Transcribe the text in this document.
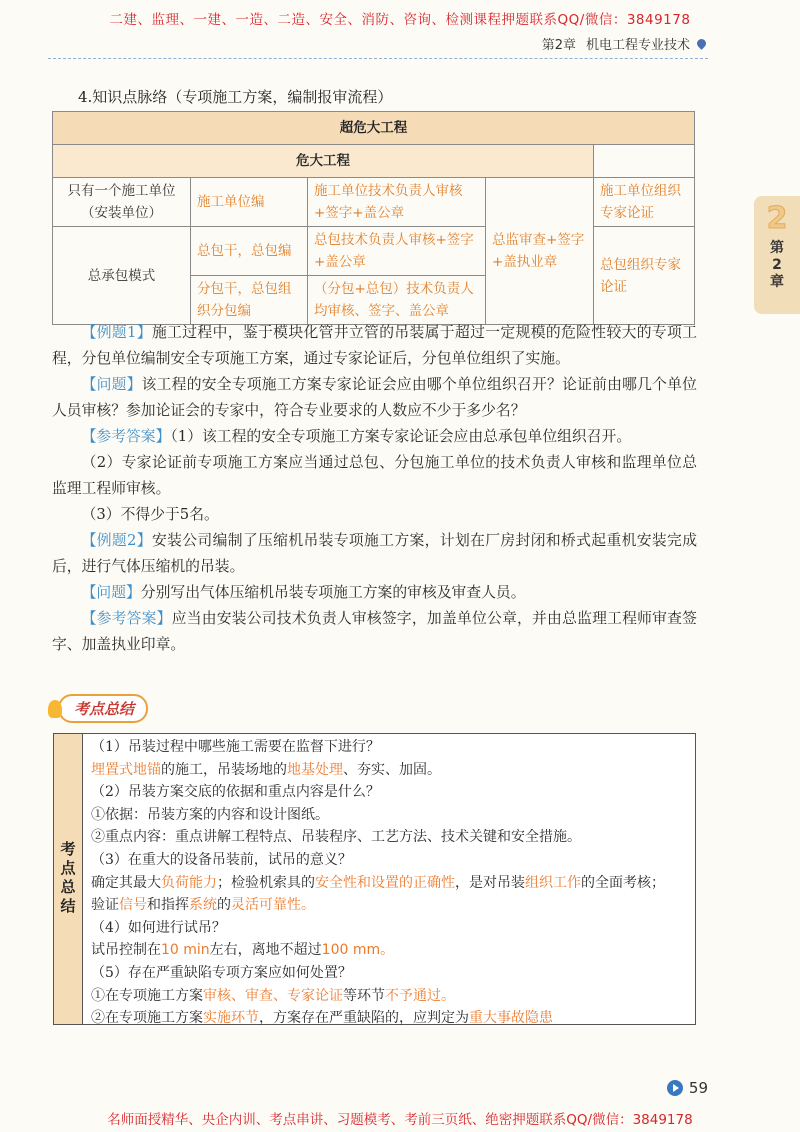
二建、监理、一建、一造、二造、安全、消防、咨询、检测课程押题联系QQ/微信：3849178
第2章 机电工程专业技术
2
第2章
4.知识点脉络（专项施工方案，编制报审流程）
超危大工程				
危大工程				
只有一个施工单位（安装单位）	施工单位编	施工单位技术负责人审核+签字+盖公章	总监审查+签字+盖执业章	施工单位组织专家论证
总承包模式	总包干，总包编	总包技术负责人审核+签字+盖公章		总包组织专家论证
	分包干，总包组织分包编	（分包+总包）技术负责人均审核、签字、盖公章		

【例题1】施工过程中，鉴于模块化管井立管的吊装属于超过一定规模的危险性较大的专项工程，分包单位编制安全专项施工方案，通过专家论证后，分包单位组织了实施。

【问题】该工程的安全专项施工方案专家论证会应由哪个单位组织召开？论证前由哪几个单位人员审核？参加论证会的专家中，符合专业要求的人数应不少于多少名？

【参考答案】（1）该工程的安全专项施工方案专家论证会应由总承包单位组织召开。

（2）专家论证前专项施工方案应当通过总包、分包施工单位的技术负责人审核和监理单位总监理工程师审核。

（3）不得少于5名。

【例题2】安装公司编制了压缩机吊装专项施工方案，计划在厂房封闭和桥式起重机安装完成后，进行气体压缩机的吊装。

【问题】分别写出气体压缩机吊装专项施工方案的审核及审查人员。

【参考答案】应当由安装公司技术负责人审核签字，加盖单位公章，并由总监理工程师审查签字、加盖执业印章。

考点总结
考点总结
（1）吊装过程中哪些施工需要在监督下进行？
埋置式地锚的施工，吊装场地的地基处理、夯实、加固。
（2）吊装方案交底的依据和重点内容是什么？
①依据：吊装方案的内容和设计图纸。
②重点内容：重点讲解工程特点、吊装程序、工艺方法、技术关键和安全措施。
（3）在重大的设备吊装前，试吊的意义？
确定其最大负荷能力；检验机索具的安全性和设置的正确性，是对吊装组织工作的全面考核；
验证信号和指挥系统的灵活可靠性。
（4）如何进行试吊？
试吊控制在10 min左右，离地不超过100 mm。
（5）存在严重缺陷专项方案应如何处置？
①在专项施工方案审核、审查、专家论证等环节不予通过。
②在专项施工方案实施环节，方案存在严重缺陷的，应判定为重大事故隐患
59
名师面授精华、央企内训、考点串讲、习题模考、考前三页纸、绝密押题联系QQ/微信：3849178
